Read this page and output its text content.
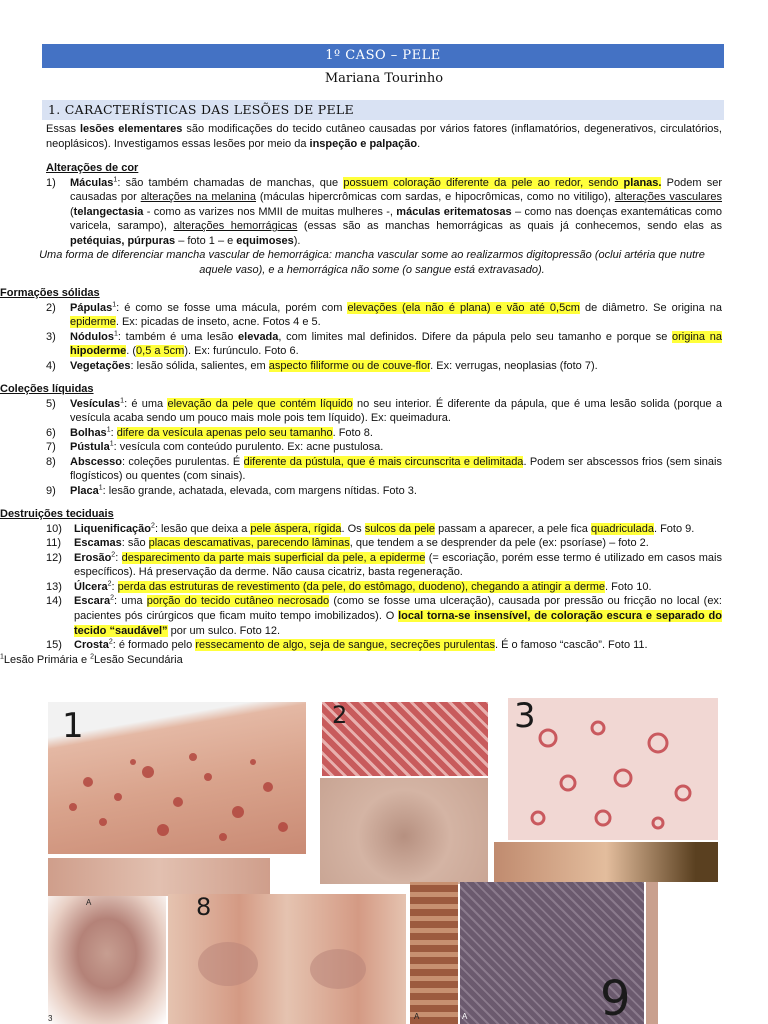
1º CASO – PELE
Mariana Tourinho
1. CARACTERÍSTICAS DAS LESÕES DE PELE
Essas lesões elementares são modificações do tecido cutâneo causadas por vários fatores (inflamatórios, degenerativos, circulatórios, neoplásicos). Investigamos essas lesões por meio da inspeção e palpação.
Alterações de cor
1)	Máculas$^1$: são também chamadas de manchas, que possuem coloração diferente da pele ao redor, sendo planas. Podem ser causadas por alterações na melanina (máculas hipercrômicas com sardas, e hipocrômicas, como no vitiligo), alterações vasculares (telangectasia - como as varizes nos MMII de muitas mulheres -, máculas eritematosas – como nas doenças exantemáticas como varicela, sarampo), alterações hemorrágicas (essas são as manchas hemorrágicas as quais já conhecemos, sendo elas as petéquias, púrpuras – foto 1 – e equimoses).
Uma forma de diferenciar mancha vascular de hemorrágica: mancha vascular some ao realizarmos digitopressão (oclui artéria que nutre aquele vaso), e a hemorrágica não some (o sangue está extravasado).
Formações sólidas
2)	Pápulas$^1$: é como se fosse uma mácula, porém com elevações (ela não é plana) e vão até 0,5cm de diâmetro. Se origina na epiderme. Ex: picadas de inseto, acne. Fotos 4 e 5.
3)	Nódulos$^1$: também é uma lesão elevada, com limites mal definidos. Difere da pápula pelo seu tamanho e porque se origina na hipoderme. (0,5 a 5cm). Ex: furúnculo. Foto 6.
4)	Vegetações: lesão sólida, salientes, em aspecto filiforme ou de couve-flor. Ex: verrugas, neoplasias (foto 7).
Coleções líquidas
5)	Vesículas$^1$: é uma elevação da pele que contém líquido no seu interior. É diferente da pápula, que é uma lesão solida (porque a vesícula acaba sendo um pouco mais mole pois tem líquido). Ex: queimadura.
6)	Bolhas$^1$: difere da vesícula apenas pelo seu tamanho. Foto 8.
7)	Pústula$^1$: vesícula com conteúdo purulento. Ex: acne pustulosa.
8)	Abscesso: coleções purulentas. É diferente da pústula, que é mais circunscrita e delimitada. Podem ser abscessos frios (sem sinais flogísticos) ou quentes (com sinais).
9)	Placa$^1$: lesão grande, achatada, elevada, com margens nítidas. Foto 3.
Destruições teciduais
10)	Liquenificação$^2$: lesão que deixa a pele áspera, rígida. Os sulcos da pele passam a aparecer, a pele fica quadriculada. Foto 9.
11)	Escamas: são placas descamativas, parecendo lâminas, que tendem a se desprender da pele (ex: psoríase) – foto 2.
12)	Erosão$^2$: desparecimento da parte mais superficial da pele, a epiderme (= escoriação, porém esse termo é utilizado em casos mais específicos). Há preservação da derme. Não causa cicatriz, basta regeneração.
13)	Úlcera$^2$: perda das estruturas de revestimento (da pele, do estômago, duodeno), chegando a atingir a derme. Foto 10.
14)	Escara$^2$: uma porção do tecido cutâneo necrosado (como se fosse uma ulceração), causada por pressão ou fricção no local (ex: pacientes pós cirúrgicos que ficam muito tempo imobilizados). O local torna-se insensível, de coloração escura e separado do tecido “saudável” por um sulco. Foto 12.
15)	Crosta$^2$: é formado pelo ressecamento de algo, seja de sangue, secreções purulentas. É o famoso “cascão”. Foto 11.
$^1$Lesão Primária e $^2$Lesão Secundária
1	2	3
A
3
8
A	9
A
